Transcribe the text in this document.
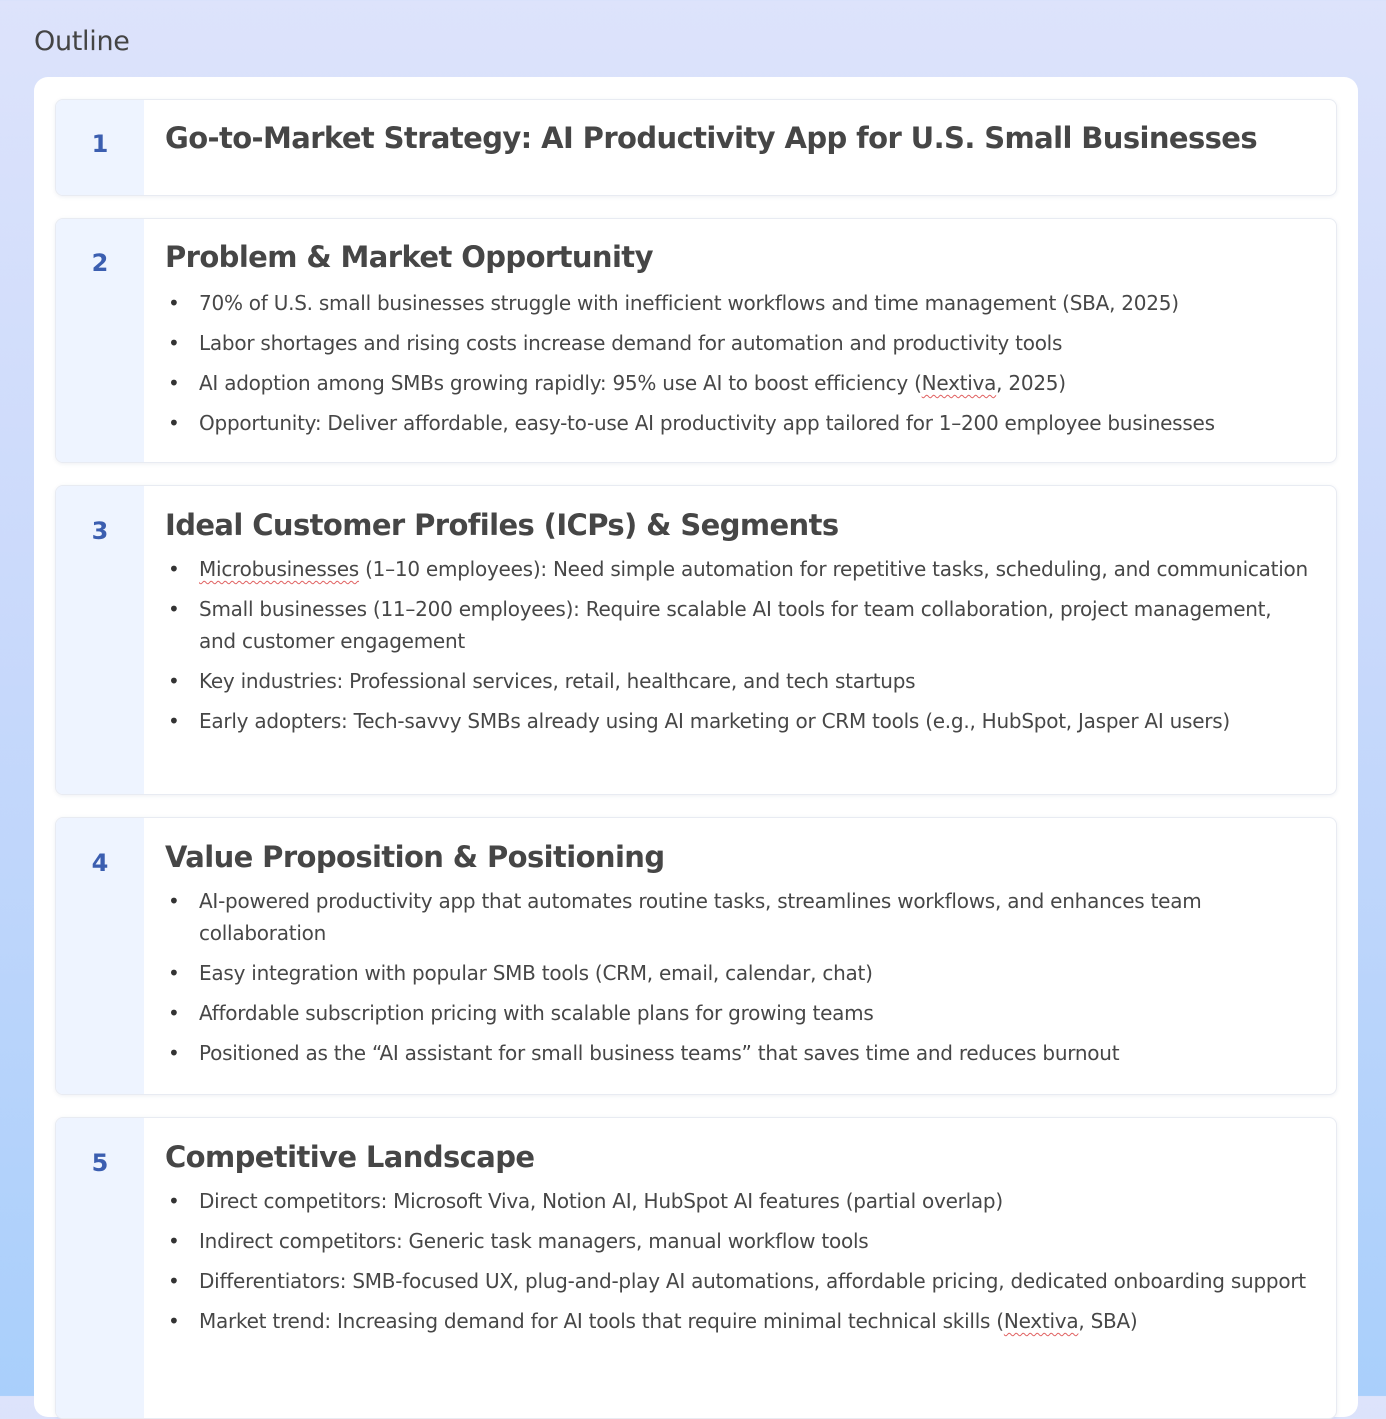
Outline
1	Go-to-Market Strategy: AI Productivity App for U.S. Small Businesses
2	Problem & Market Opportunity
• 70% of U.S. small businesses struggle with inefficient workflows and time management (SBA, 2025)
• Labor shortages and rising costs increase demand for automation and productivity tools
• AI adoption among SMBs growing rapidly: 95% use AI to boost efficiency (Nextiva, 2025)
• Opportunity: Deliver affordable, easy-to-use AI productivity app tailored for 1–200 employee businesses
3	Ideal Customer Profiles (ICPs) & Segments
• Microbusinesses (1–10 employees): Need simple automation for repetitive tasks, scheduling, and communication
• Small businesses (11–200 employees): Require scalable AI tools for team collaboration, project management, and customer engagement
• Key industries: Professional services, retail, healthcare, and tech startups
• Early adopters: Tech-savvy SMBs already using AI marketing or CRM tools (e.g., HubSpot, Jasper AI users)
4	Value Proposition & Positioning
• AI-powered productivity app that automates routine tasks, streamlines workflows, and enhances team collaboration
• Easy integration with popular SMB tools (CRM, email, calendar, chat)
• Affordable subscription pricing with scalable plans for growing teams
• Positioned as the “AI assistant for small business teams” that saves time and reduces burnout
5	Competitive Landscape
• Direct competitors: Microsoft Viva, Notion AI, HubSpot AI features (partial overlap)
• Indirect competitors: Generic task managers, manual workflow tools
• Differentiators: SMB-focused UX, plug-and-play AI automations, affordable pricing, dedicated onboarding support
• Market trend: Increasing demand for AI tools that require minimal technical skills (Nextiva, SBA)
